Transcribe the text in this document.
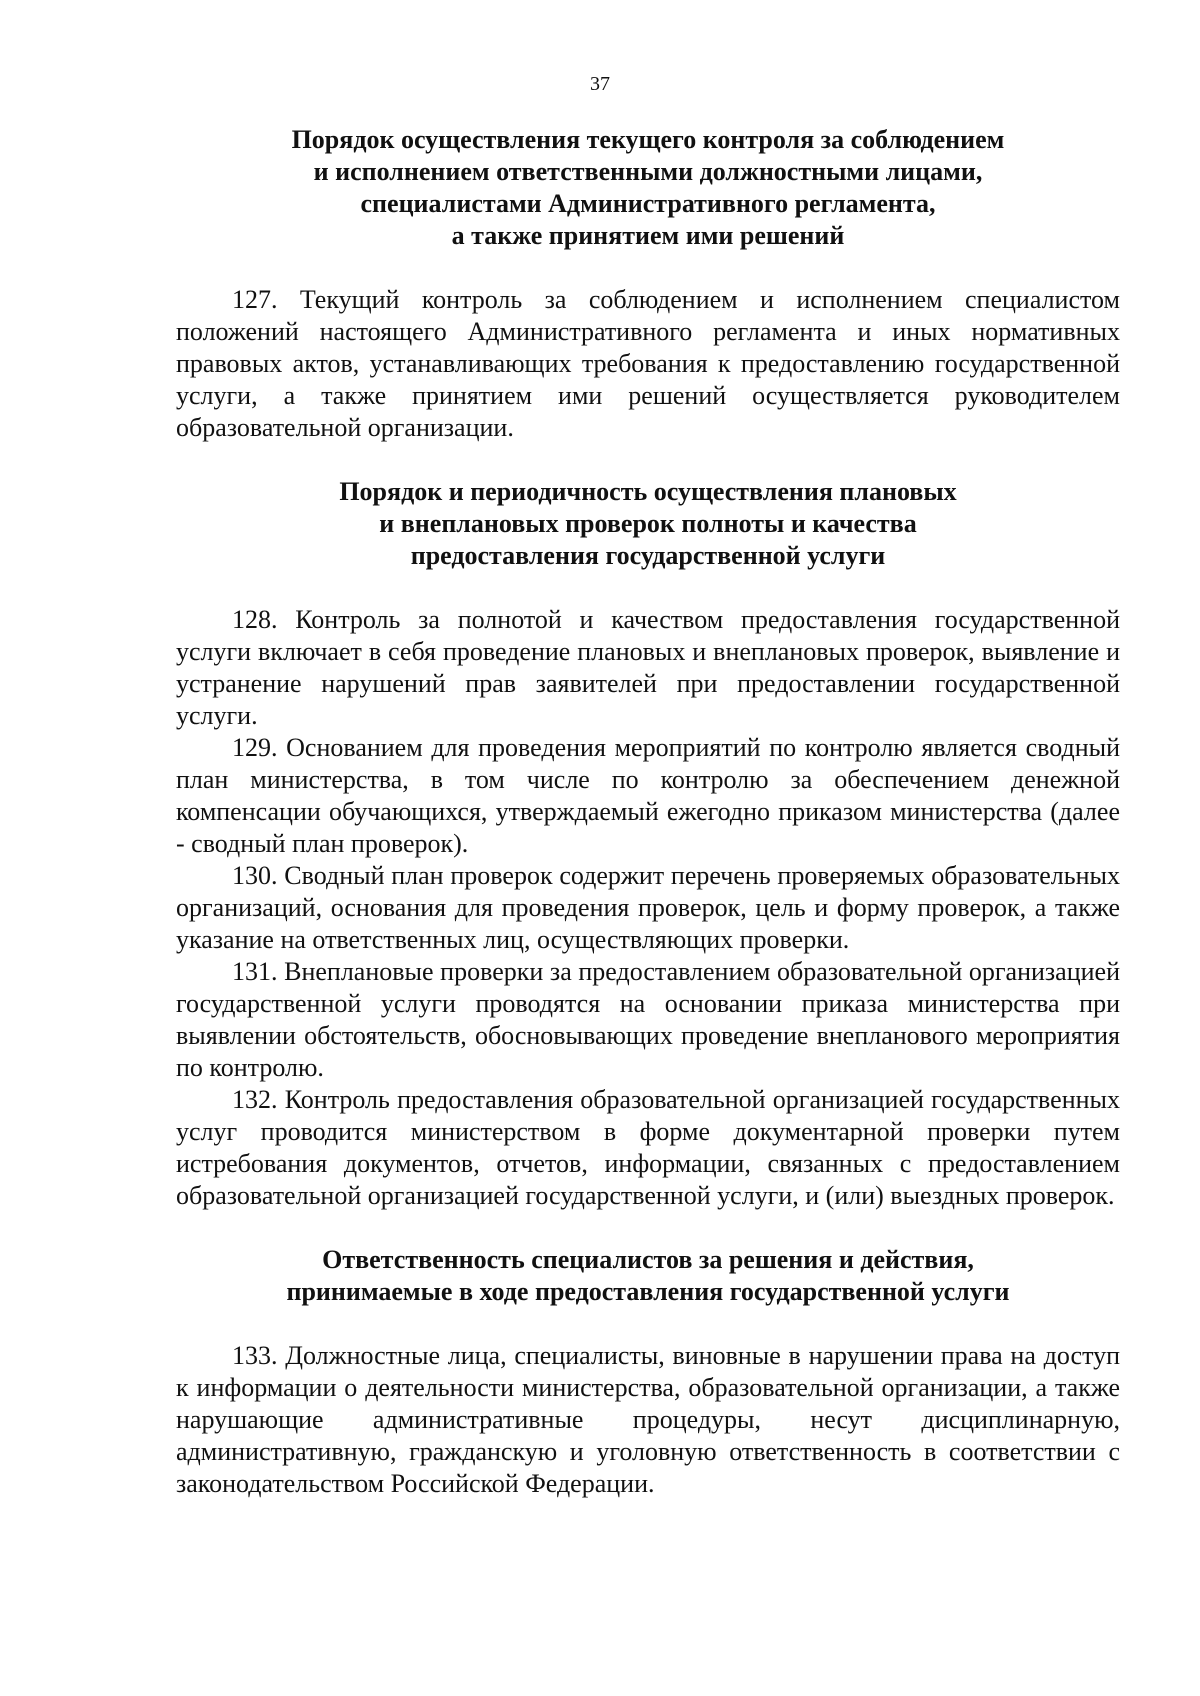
37
Порядок осуществления текущего контроля за соблюдением
и исполнением ответственными должностными лицами,
специалистами Административного регламента,
а также принятием ими решений

127. Текущий контроль за соблюдением и исполнением специалистом положений настоящего Административного регламента и иных нормативных правовых актов, устанавливающих требования к предоставлению государственной услуги, а также принятием ими решений осуществляется руководителем образовательной организации.

Порядок и периодичность осуществления плановых
и внеплановых проверок полноты и качества
предоставления государственной услуги

128. Контроль за полнотой и качеством предоставления государственной услуги включает в себя проведение плановых и внеплановых проверок, выявление и устранение нарушений прав заявителей при предоставлении государственной услуги.

129. Основанием для проведения мероприятий по контролю является сводный план министерства, в том числе по контролю за обеспечением денежной компенсации обучающихся, утверждаемый ежегодно приказом министерства (далее - сводный план проверок).

130. Сводный план проверок содержит перечень проверяемых образовательных организаций, основания для проведения проверок, цель и форму проверок, а также указание на ответственных лиц, осуществляющих проверки.

131. Внеплановые проверки за предоставлением образовательной организацией государственной услуги проводятся на основании приказа министерства при выявлении обстоятельств, обосновывающих проведение внепланового мероприятия по контролю.

132. Контроль предоставления образовательной организацией государственных услуг проводится министерством в форме документарной проверки путем истребования документов, отчетов, информации, связанных с предоставлением образовательной организацией государственной услуги, и (или) выездных проверок.

Ответственность специалистов за решения и действия,
принимаемые в ходе предоставления государственной услуги

133. Должностные лица, специалисты, виновные в нарушении права на доступ к информации о деятельности министерства, образовательной организации, а также нарушающие административные процедуры, несут дисциплинарную, административную, гражданскую и уголовную ответственность в соответствии с законодательством Российской Федерации.
